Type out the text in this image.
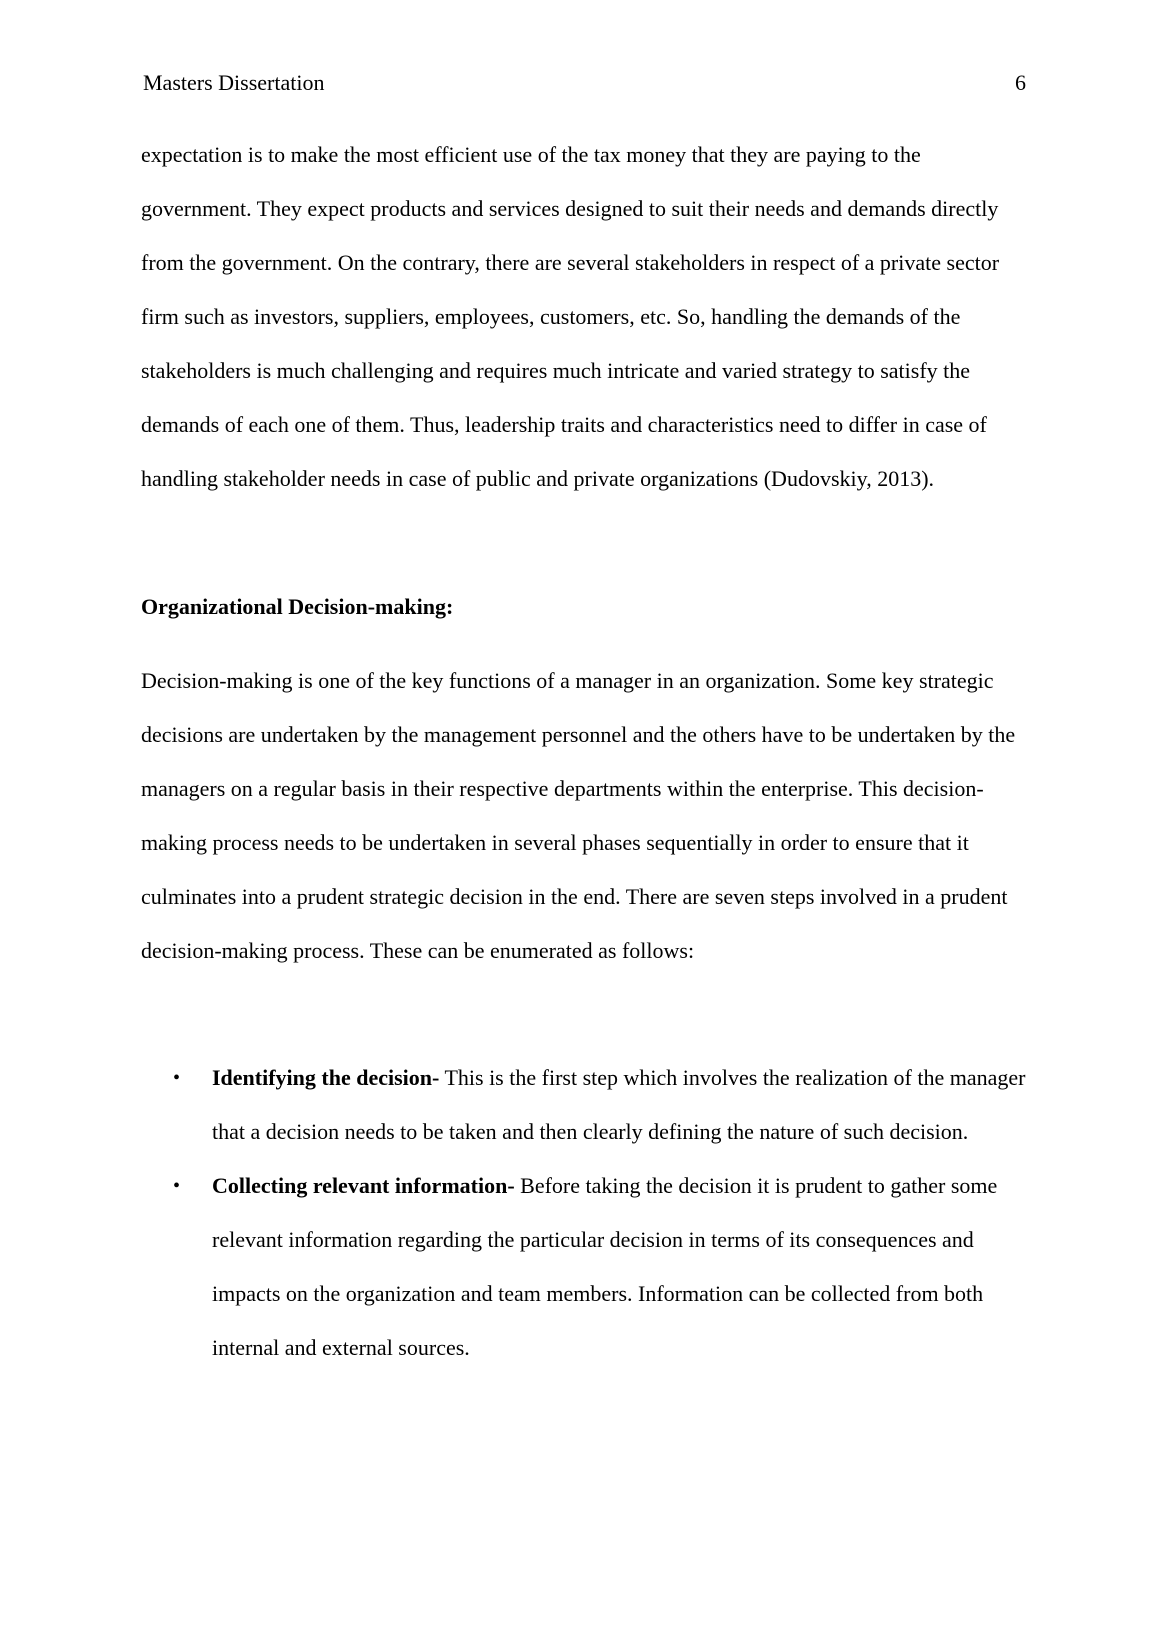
Masters Dissertation	6

expectation is to make the most efficient use of the tax money that they are paying to the government. They expect products and services designed to suit their needs and demands directly from the government. On the contrary, there are several stakeholders in respect of a private sector firm such as investors, suppliers, employees, customers, etc. So, handling the demands of the stakeholders is much challenging and requires much intricate and varied strategy to satisfy the demands of each one of them. Thus, leadership traits and characteristics need to differ in case of handling stakeholder needs in case of public and private organizations (Dudovskiy, 2013).

Organizational Decision-making:

Decision-making is one of the key functions of a manager in an organization. Some key strategic decisions are undertaken by the management personnel and the others have to be undertaken by the managers on a regular basis in their respective departments within the enterprise. This decision-making process needs to be undertaken in several phases sequentially in order to ensure that it culminates into a prudent strategic decision in the end. There are seven steps involved in a prudent decision-making process. These can be enumerated as follows:

• Identifying the decision- This is the first step which involves the realization of the manager that a decision needs to be taken and then clearly defining the nature of such decision.
• Collecting relevant information- Before taking the decision it is prudent to gather some relevant information regarding the particular decision in terms of its consequences and impacts on the organization and team members. Information can be collected from both internal and external sources.
